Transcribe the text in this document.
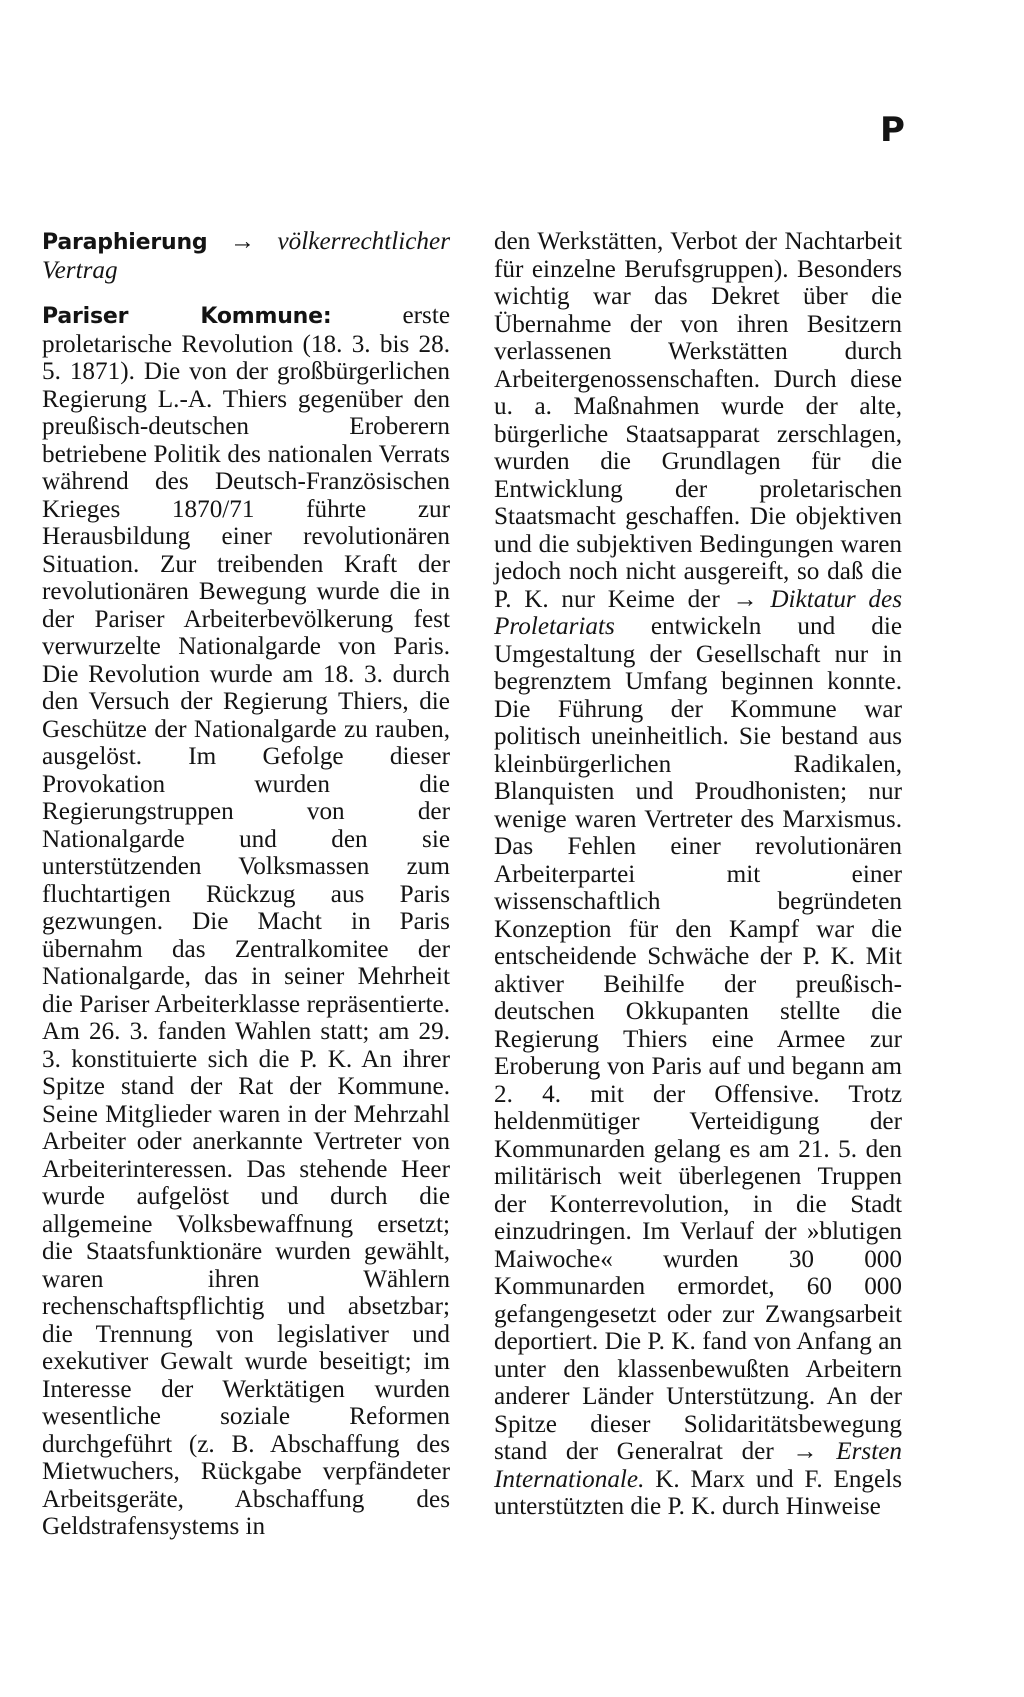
P

Paraphierung → völkerrechtlicher Vertrag

Pariser Kommune:	erste proletarische Revolution (18. 3. bis 28. 5. 1871). Die von der großbürgerlichen Regierung L.-A. Thiers gegenüber den preußisch-deutschen Eroberern betriebene Politik des nationalen Verrats während des Deutsch-Französischen Krieges 1870/71 führte zur Herausbildung einer revolutionären Situation. Zur treibenden Kraft der revolutionären Bewegung wurde die in der Pariser Arbeiterbevölkerung fest verwurzelte Nationalgarde von Paris. Die Revolution wurde am 18. 3. durch den Versuch der Regierung Thiers, die Geschütze der Nationalgarde zu rauben, ausgelöst. Im Gefolge dieser Provokation wurden die Regierungstruppen von der Nationalgarde und den sie unterstützenden Volksmassen zum fluchtartigen Rückzug aus Paris gezwungen. Die Macht in Paris übernahm das Zentralkomitee der Nationalgarde, das in seiner Mehrheit die Pariser Arbeiterklasse repräsentierte. Am 26. 3. fanden Wahlen statt; am 29. 3. konstituierte sich die P. K. An ihrer Spitze stand der Rat der Kommune. Seine Mitglieder waren in der Mehrzahl Arbeiter oder anerkannte Vertreter von Arbeiterinteressen. Das stehende Heer wurde aufgelöst und durch die allgemeine Volksbewaffnung ersetzt; die Staatsfunktionäre wurden gewählt, waren ihren Wählern rechenschaftspflichtig und absetzbar; die Trennung von legislativer und exekutiver Gewalt wurde beseitigt; im Interesse der Werktätigen wurden wesentliche soziale Reformen durchgeführt (z. B. Abschaffung des Mietwuchers, Rückgabe verpfändeter Arbeitsgeräte, Abschaffung des Geldstrafensystems in

den Werkstätten, Verbot der Nachtarbeit für einzelne Berufsgruppen). Besonders wichtig war das Dekret über die Übernahme der von ihren Besitzern verlassenen Werkstätten durch Arbeitergenossenschaften. Durch diese u. a. Maßnahmen wurde der alte, bürgerliche Staatsapparat zerschlagen, wurden die Grundlagen für die Entwicklung der proletarischen Staatsmacht geschaffen. Die objektiven und die subjektiven Bedingungen waren jedoch noch nicht ausgereift, so daß die P. K. nur Keime der → Diktatur des Proletariats entwickeln und die Umgestaltung der Gesellschaft nur in begrenztem Umfang beginnen konnte. Die Führung der Kommune war politisch uneinheitlich. Sie bestand aus kleinbürgerlichen Radikalen, Blanquisten und Proudhonisten; nur wenige waren Vertreter des Marxismus. Das Fehlen einer revolutionären Arbeiterpartei mit einer wissenschaftlich begründeten Konzeption für den Kampf war die entscheidende Schwäche der P. K. Mit aktiver Beihilfe der preußisch-deutschen Okkupanten stellte die Regierung Thiers eine Armee zur Eroberung von Paris auf und begann am 2. 4. mit der Offensive. Trotz heldenmütiger Verteidigung der Kommunarden gelang es am 21. 5. den militärisch weit überlegenen Truppen der Konterrevolution, in die Stadt einzudringen. Im Verlauf der »blutigen Maiwoche« wurden 30 000 Kommunarden ermordet, 60 000 gefangengesetzt oder zur Zwangsarbeit deportiert. Die P. K. fand von Anfang an unter den klassenbewußten Arbeitern anderer Länder Unterstützung. An der Spitze dieser Solidaritätsbewegung stand der Generalrat der → Ersten Internationale. K. Marx und F. Engels unterstützten die P. K. durch Hinweise
